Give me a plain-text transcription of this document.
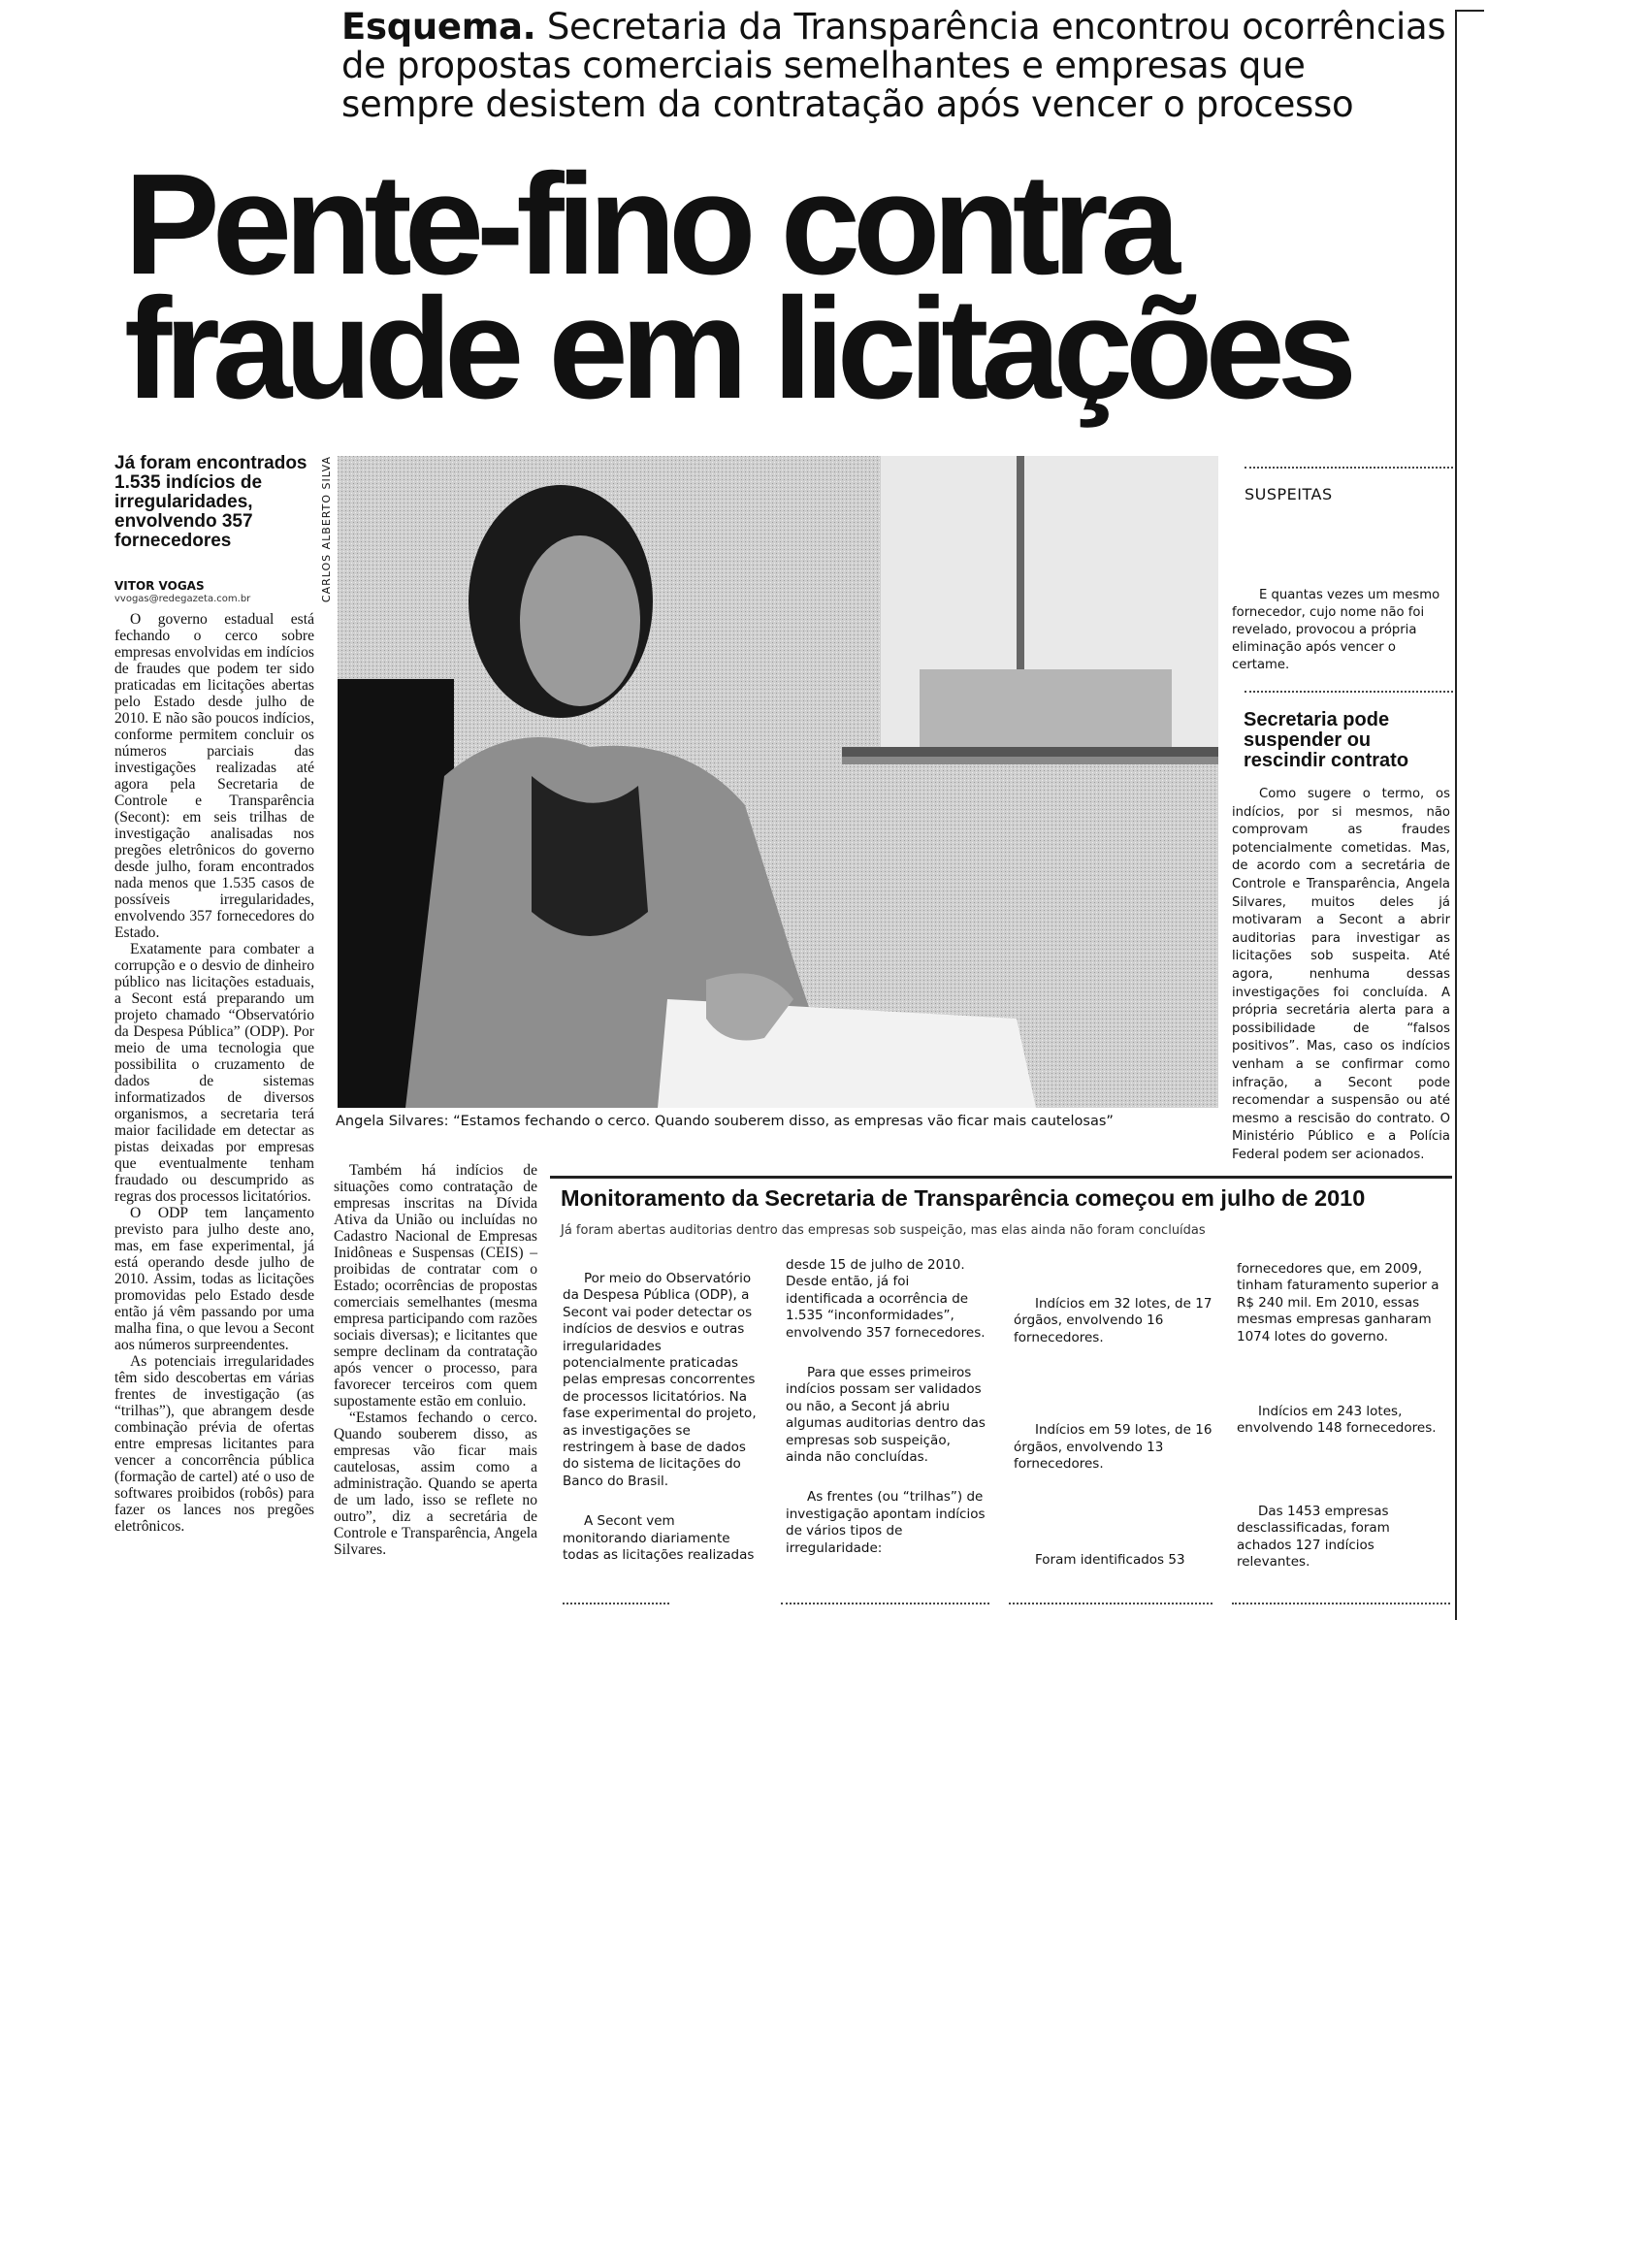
Esquema. Secretaria da Transparência encontrou ocorrências de propostas comerciais semelhantes e empresas que sempre desistem da contratação após vencer o processo
Pente-fino contra
fraude em licitações
Já foram encontrados 1.535 indícios de irregularidades, envolvendo 357 fornecedores
VITOR VOGAS
vvogas@redegazeta.com.br

O governo estadual está fechando o cerco sobre empresas envolvidas em indícios de fraudes que podem ter sido praticadas em licitações abertas pelo Estado desde julho de 2010. E não são poucos indícios, conforme permitem concluir os números parciais das investigações realizadas até agora pela Secretaria de Controle e Transparência (Secont): em seis trilhas de investigação analisadas nos pregões eletrônicos do governo desde julho, foram encontrados nada menos que 1.535 casos de possíveis irregularidades, envolvendo 357 fornecedores do Estado.

Exatamente para combater a corrupção e o desvio de dinheiro público nas licitações estaduais, a Secont está preparando um projeto chamado “Observatório da Despesa Pública” (ODP). Por meio de uma tecnologia que possibilita o cruzamento de dados de sistemas informatizados de diversos organismos, a secretaria terá maior facilidade em detectar as pistas deixadas por empresas que eventualmente tenham fraudado ou descumprido as regras dos processos licitatórios.

O ODP tem lançamento previsto para julho deste ano, mas, em fase experimental, já está operando desde julho de 2010. Assim, todas as licitações promovidas pelo Estado desde então já vêm passando por uma malha fina, o que levou a Secont aos números surpreendentes.

As potenciais irregularidades têm sido descobertas em várias frentes de investigação (as “trilhas”), que abrangem desde combinação prévia de ofertas entre empresas licitantes para vencer a concorrência pública (formação de cartel) até o uso de softwares proibidos (robôs) para fazer os lances nos pregões eletrônicos.

Também há indícios de situações como contratação de empresas inscritas na Dívida Ativa da União ou incluídas no Cadastro Nacional de Empresas Inidôneas e Suspensas (CEIS) – proibidas de contratar com o Estado; ocorrências de propostas comerciais semelhantes (mesma empresa participando com razões sociais diversas); e licitantes que sempre declinam da contratação após vencer o processo, para favorecer terceiros com quem supostamente estão em conluio.

“Estamos fechando o cerco. Quando souberem disso, as empresas vão ficar mais cautelosas, assim como a administração. Quando se aperta de um lado, isso se reflete no outro”, diz a secretária de Controle e Transparência, Angela Silvares.

CARLOS ALBERTO SILVA
Angela Silvares: “Estamos fechando o cerco. Quando souberem disso, as empresas vão ficar mais cautelosas”
SUSPEITAS

E quantas vezes um mesmo fornecedor, cujo nome não foi revelado, provocou a própria eliminação após vencer o certame.

Secretaria pode suspender ou rescindir contrato

Como sugere o termo, os indícios, por si mesmos, não comprovam as fraudes potencialmente cometidas. Mas, de acordo com a secretária de Controle e Transparência, Angela Silvares, muitos deles já motivaram a Secont a abrir auditorias para investigar as licitações sob suspeita. Até agora, nenhuma dessas investigações foi concluída. A própria secretária alerta para a possibilidade de “falsos positivos”. Mas, caso os indícios venham a se confirmar como infração, a Secont pode recomendar a suspensão ou até mesmo a rescisão do contrato. O Ministério Público e a Polícia Federal podem ser acionados.

Monitoramento da Secretaria de Transparência começou em julho de 2010
Já foram abertas auditorias dentro das empresas sob suspeição, mas elas ainda não foram concluídas

Por meio do Observatório da Despesa Pública (ODP), a Secont vai poder detectar os indícios de desvios e outras irregularidades potencialmente praticadas pelas empresas concorrentes de processos licitatórios. Na fase experimental do projeto, as investigações se restringem à base de dados do sistema de licitações do Banco do Brasil.

A Secont vem monitorando diariamente todas as licitações realizadas

desde 15 de julho de 2010. Desde então, já foi identificada a ocorrência de 1.535 “inconformidades”, envolvendo 357 fornecedores.

Para que esses primeiros indícios possam ser validados ou não, a Secont já abriu algumas auditorias dentro das empresas sob suspeição, ainda não concluídas.

As frentes (ou “trilhas”) de investigação apontam indícios de vários tipos de irregularidade:

Indícios em 32 lotes, de 17 órgãos, envolvendo 16 fornecedores.

Indícios em 59 lotes, de 16 órgãos, envolvendo 13 fornecedores.

Foram identificados 53

fornecedores que, em 2009, tinham faturamento superior a R$ 240 mil. Em 2010, essas mesmas empresas ganharam 1074 lotes do governo.

Indícios em 243 lotes, envolvendo 148 fornecedores.

Das 1453 empresas desclassificadas, foram achados 127 indícios relevantes.
